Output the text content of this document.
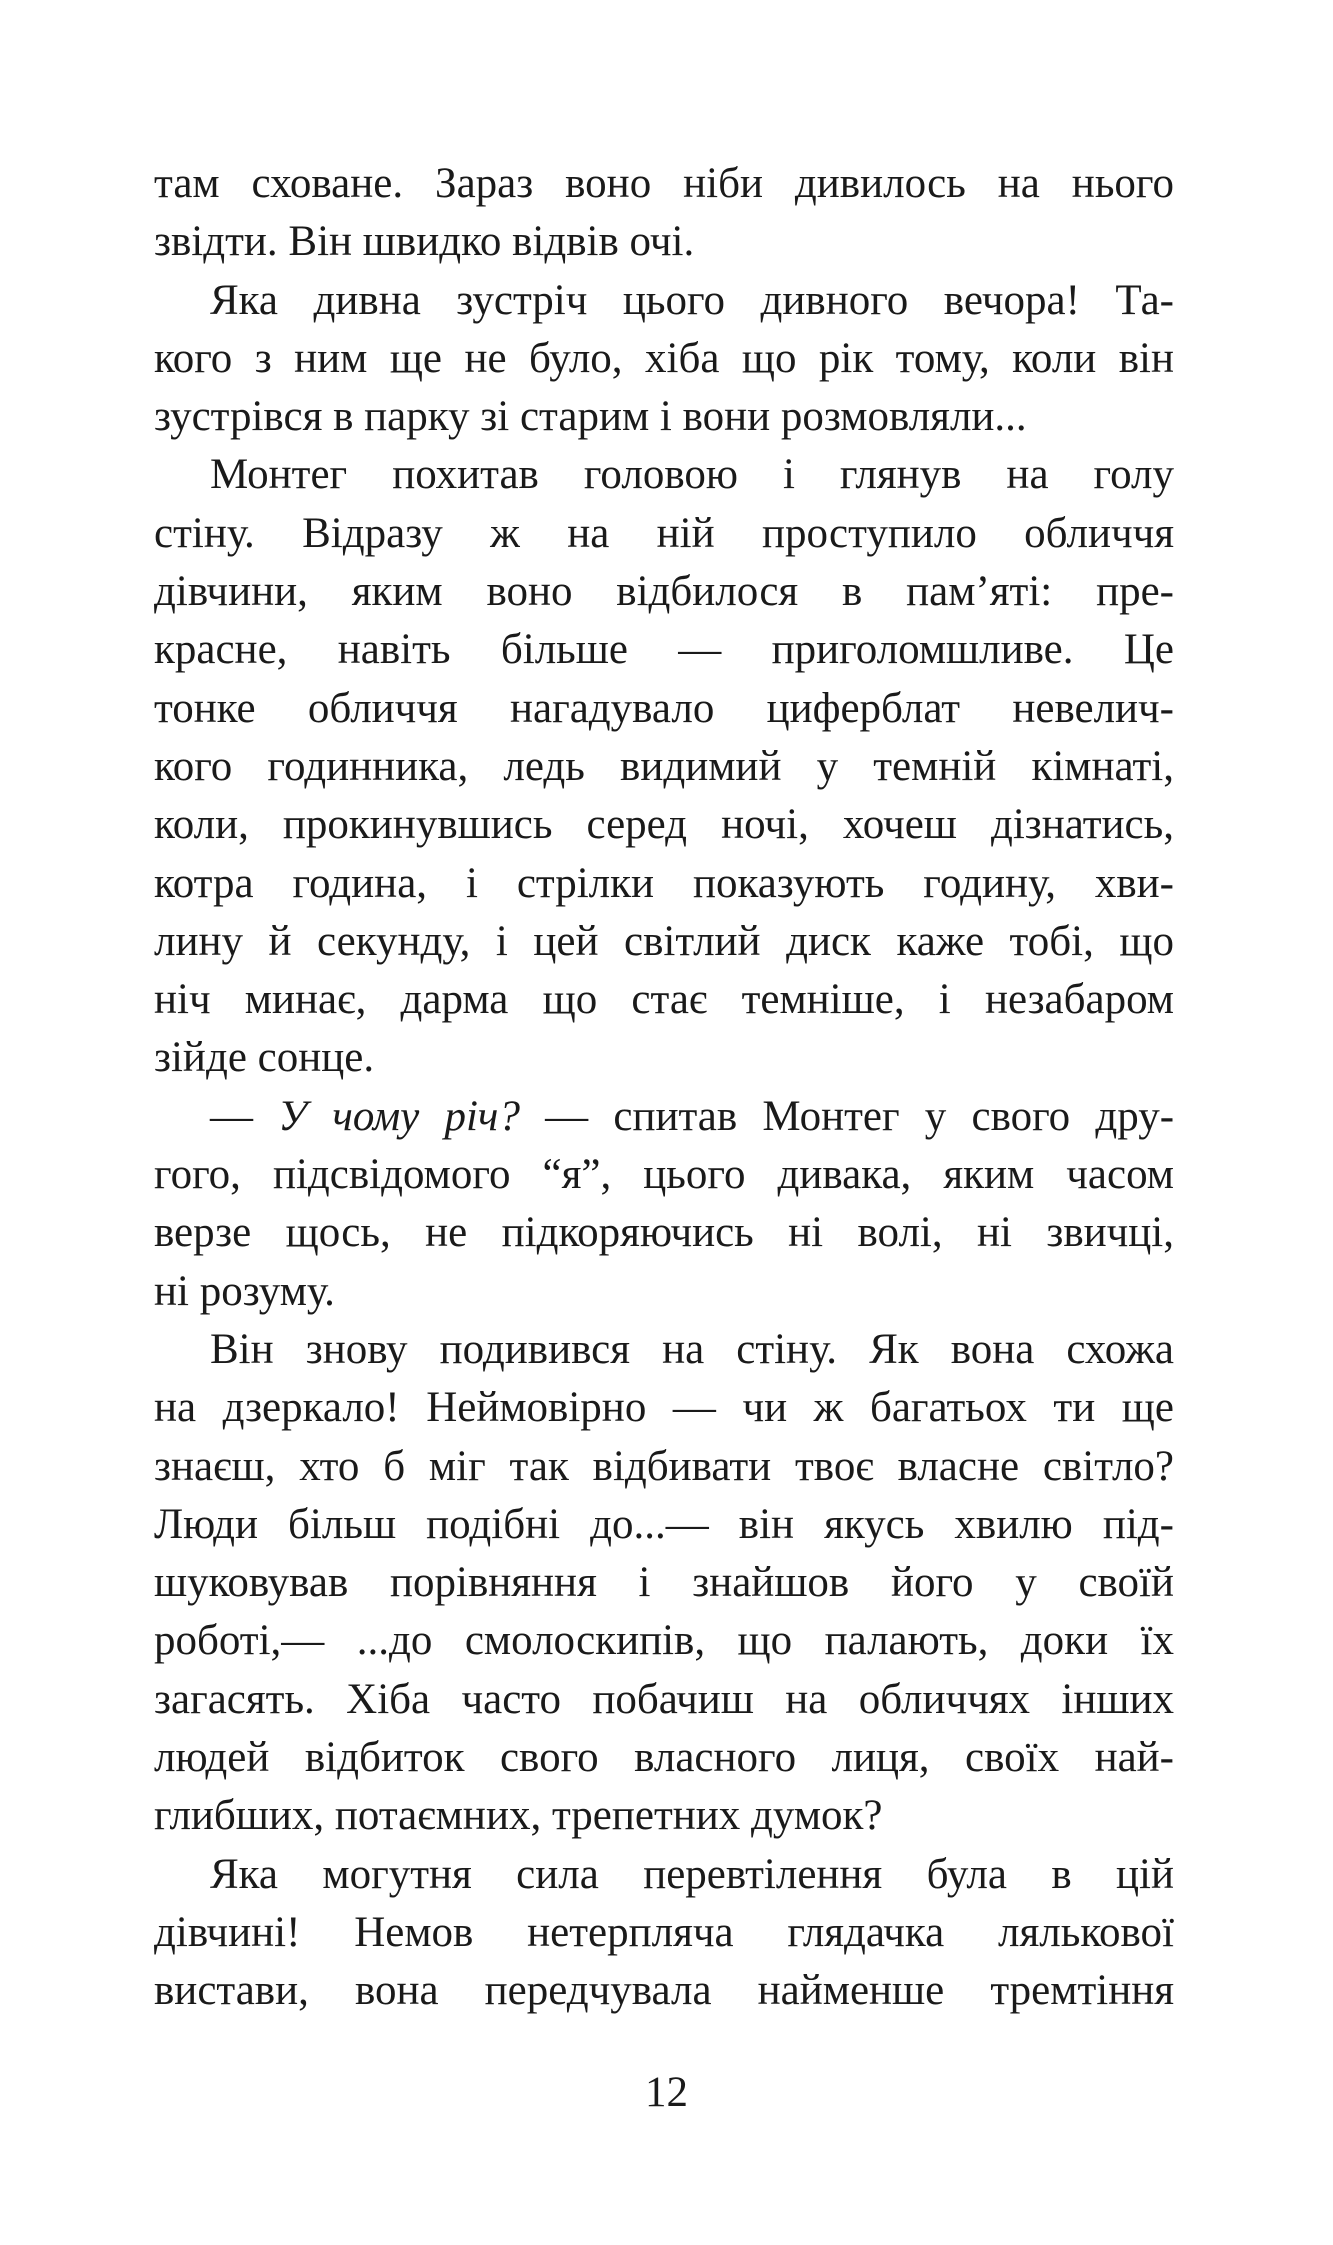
там сховане. Зараз воно ніби дивилось на нього
звідти. Він швидко відвів очі.
Яка дивна зустріч цього дивного вечора! Та-
кого з ним ще не було, хіба що рік тому, коли він
зустрівся в парку зі старим і вони розмовляли...
Монтег похитав головою і глянув на голу
стіну. Відразу ж на ній проступило обличчя
дівчини, яким воно відбилося в пам’яті: пре-
красне, навіть більше — приголомшливе. Це
тонке обличчя нагадувало циферблат невелич-
кого годинника, ледь видимий у темній кімнаті,
коли, прокинувшись серед ночі, хочеш дізнатись,
котра година, і стрілки показують годину, хви-
лину й секунду, і цей світлий диск каже тобі, що
ніч минає, дарма що стає темніше, і незабаром
зійде сонце.
— У чому річ? — спитав Монтег у свого дру-
гого, підсвідомого “я”, цього дивака, яким часом
верзе щось, не підкоряючись ні волі, ні звичці,
ні розуму.
Він знову подивився на стіну. Як вона схожа
на дзеркало! Неймовірно — чи ж багатьох ти ще
знаєш, хто б міг так відбивати твоє власне світло?
Люди більш подібні до...— він якусь хвилю під-
шуковував порівняння і знайшов його у своїй
роботі,— ...до смолоскипів, що палають, доки їх
загасять. Хіба часто побачиш на обличчях інших
людей відбиток свого власного лиця, своїх най-
глибших, потаємних, трепетних думок?
Яка могутня сила перевтілення була в цій
дівчині! Немов нетерпляча глядачка лялькової
вистави, вона передчувала найменше тремтіння
12
